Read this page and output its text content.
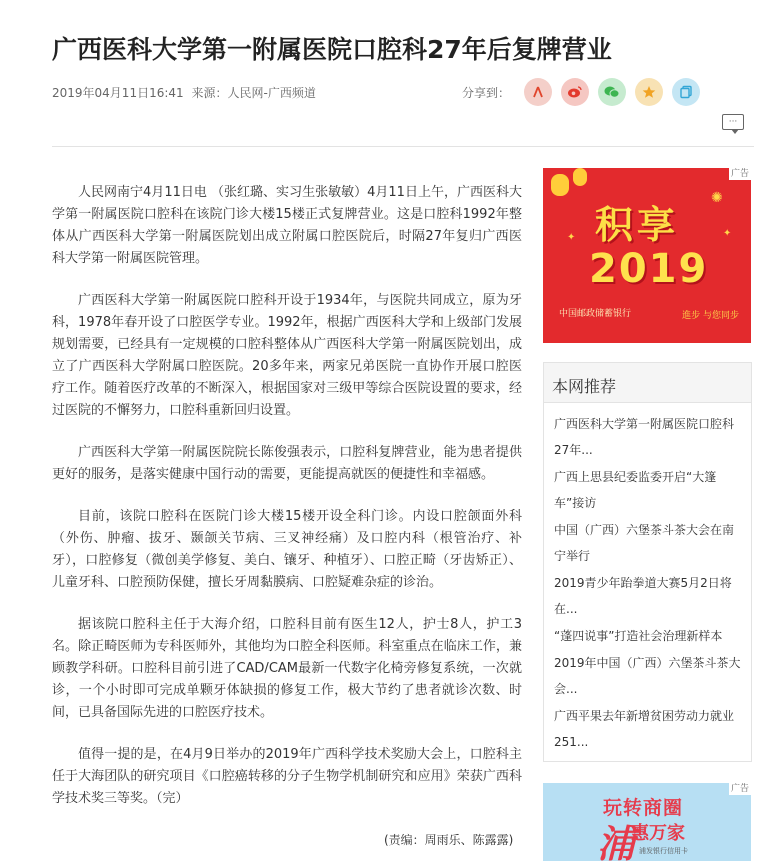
广西医科大学第一附属医院口腔科27年后复牌营业
2019年04月11日16:41 来源：人民网-广西频道	分享到：
···

人民网南宁4月11日电 （张红璐、实习生张敏敏）4月11日上午，广西医科大学第一附属医院口腔科在该院门诊大楼15楼正式复牌营业。这是口腔科1992年整体从广西医科大学第一附属医院划出成立附属口腔医院后，时隔27年复归广西医科大学第一附属医院管理。

广西医科大学第一附属医院口腔科开设于1934年，与医院共同成立，原为牙科，1978年春开设了口腔医学专业。1992年，根据广西医科大学和上级部门发展规划需要，已经具有一定规模的口腔科整体从广西医科大学第一附属医院划出，成立了广西医科大学附属口腔医院。20多年来，两家兄弟医院一直协作开展口腔医疗工作。随着医疗改革的不断深入，根据国家对三级甲等综合医院设置的要求，经过医院的不懈努力，口腔科重新回归设置。

广西医科大学第一附属医院院长陈俊强表示，口腔科复牌营业，能为患者提供更好的服务，是落实健康中国行动的需要，更能提高就医的便捷性和幸福感。

目前，该院口腔科在医院门诊大楼15楼开设全科门诊。内设口腔颌面外科（外伤、肿瘤、拔牙、颞颌关节病、三叉神经痛）及口腔内科（根管治疗、补牙），口腔修复（微创美学修复、美白、镶牙、种植牙）、口腔正畸（牙齿矫正）、儿童牙科、口腔预防保健，擅长牙周黏膜病、口腔疑难杂症的诊治。

据该院口腔科主任于大海介绍，口腔科目前有医生12人，护士8人，护工3名。除正畸医师为专科医师外，其他均为口腔全科医师。科室重点在临床工作，兼顾教学科研。口腔科目前引进了CAD/CAM最新一代数字化椅旁修复系统，一次就诊，一个小时即可完成单颗牙体缺损的修复工作，极大节约了患者就诊次数、时间，已具备国际先进的口腔医疗技术。

值得一提的是，在4月9日举办的2019年广西科学技术奖励大会上，口腔科主任于大海团队的研究项目《口腔癌转移的分子生物学机制研究和应用》荣获广西科学技术奖三等奖。（完）

(责编：周雨乐、陈露露)
广告
✺
✦
✦ 积享
2019
中国邮政储蓄银行	進步 与您同步
本网推荐
广西医科大学第一附属医院口腔科27年...
广西上思县纪委监委开启“大篷车”接访
中国（广西）六堡茶斗茶大会在南宁举行
2019青少年跆拳道大赛5月2日将在...
“蓬四说事”打造社会治理新样本
2019年中国（广西）六堡茶斗茶大会...
广西平果去年新增贫困劳动力就业251...
广告
玩转商圈
浦
惠万家
浦发银行信用卡
